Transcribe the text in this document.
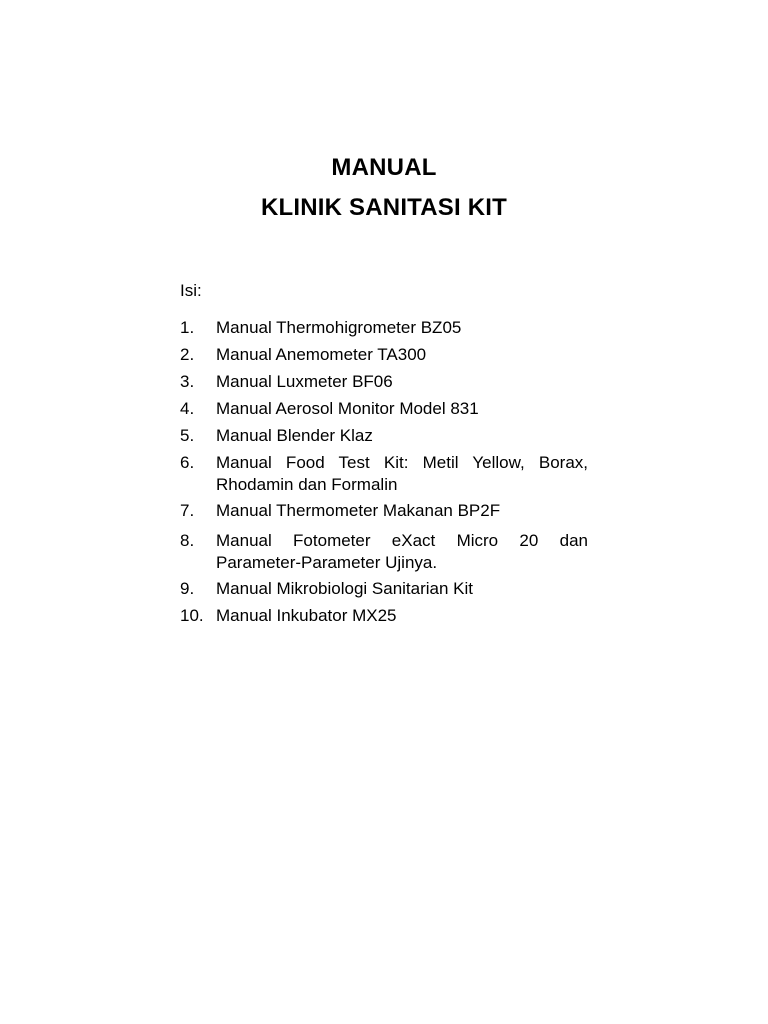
MANUAL
KLINIK SANITASI KIT
Isi:
1.	Manual Thermohigrometer BZ05
2.	Manual Anemometer TA300
3.	Manual Luxmeter BF06
4.	Manual Aerosol Monitor Model 831
5.	Manual Blender Klaz
6.	Manual Food Test Kit: Metil Yellow, Borax, Rhodamin dan Formalin
7.	Manual Thermometer Makanan BP2F
8.	Manual Fotometer eXact Micro 20 dan Parameter-Parameter Ujinya.
9.	Manual Mikrobiologi Sanitarian Kit
10. Manual Inkubator MX25
